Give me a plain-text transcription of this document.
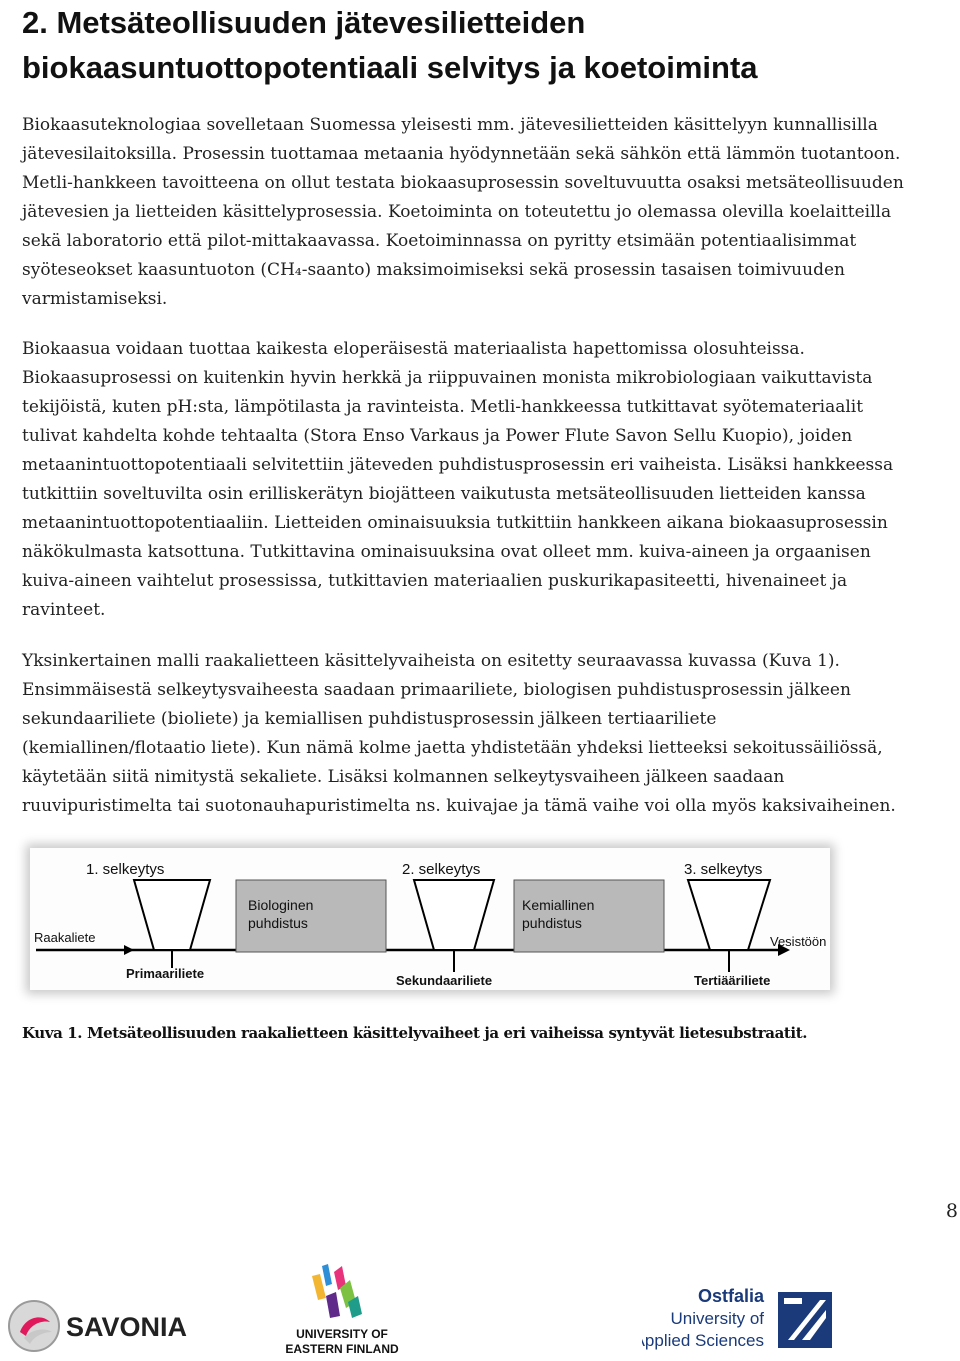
2. Metsäteollisuuden jätevesilietteiden
biokaasuntuottopotentiaali selvitys ja koetoiminta
Biokaasuteknologiaa sovelletaan Suomessa yleisesti mm. jätevesilietteiden käsittelyyn kunnallisilla
jätevesilaitoksilla. Prosessin tuottamaa metaania hyödynnetään sekä sähkön että lämmön tuotantoon.
Metli-hankkeen tavoitteena on ollut testata biokaasuprosessin soveltuvuutta osaksi metsäteollisuuden
jätevesien ja lietteiden käsittelyprosessia. Koetoiminta on toteutettu jo olemassa olevilla koelaitteilla
sekä laboratorio että pilot-mittakaavassa. Koetoiminnassa on pyritty etsimään potentiaalisimmat
syöteseokset kaasuntuoton (CH₄-saanto) maksimoimiseksi sekä prosessin tasaisen toimivuuden
varmistamiseksi.
Biokaasua voidaan tuottaa kaikesta eloperäisestä materiaalista hapettomissa olosuhteissa.
Biokaasuprosessi on kuitenkin hyvin herkkä ja riippuvainen monista mikrobiologiaan vaikuttavista
tekijöistä, kuten pH:sta, lämpötilasta ja ravinteista. Metli-hankkeessa tutkittavat syötemateriaalit
tulivat kahdelta kohde tehtaalta (Stora Enso Varkaus ja Power Flute Savon Sellu Kuopio), joiden
metaanintuottopotentiaali selvitettiin jäteveden puhdistusprosessin eri vaiheista. Lisäksi hankkeessa
tutkittiin soveltuvilta osin erilliskerätyn biojätteen vaikutusta metsäteollisuuden lietteiden kanssa
metaanintuottopotentiaaliin. Lietteiden ominaisuuksia tutkittiin hankkeen aikana biokaasuprosessin
näkökulmasta katsottuna. Tutkittavina ominaisuuksina ovat olleet mm. kuiva-aineen ja orgaanisen
kuiva-aineen vaihtelut prosessissa, tutkittavien materiaalien puskurikapasiteetti, hivenaineet ja
ravinteet.
Yksinkertainen malli raakalietteen käsittelyvaiheista on esitetty seuraavassa kuvassa (Kuva 1).
Ensimmäisestä selkeytysvaiheesta saadaan primaariliete, biologisen puhdistusprosessin jälkeen
sekundaariliete (bioliete) ja kemiallisen puhdistusprosessin jälkeen tertiaariliete
(kemiallinen/flotaatio liete). Kun nämä kolme jaetta yhdistetään yhdeksi lietteeksi sekoitussäiliössä,
käytetään siitä nimitystä sekaliete. Lisäksi kolmannen selkeytysvaiheen jälkeen saadaan
ruuvipuristimelta tai suotonauhapuristimelta ns. kuivajae ja tämä vaihe voi olla myös kaksivaiheinen.
1. selkeytys	2. selkeytys	3. selkeytys
Biologinen
puhdistus
Kemiallinen
puhdistus
Raakaliete	Vesistöön
Primaariliete	Sekundaariliete	Tertiääriliete
Kuva 1. Metsäteollisuuden raakalietteen käsittelyvaiheet ja eri vaiheissa syntyvät lietesubstraatit.
8
SAVONIA	UNIVERSITY OF
EASTERN FINLAND
Ostfalia
University of
Applied Sciences
